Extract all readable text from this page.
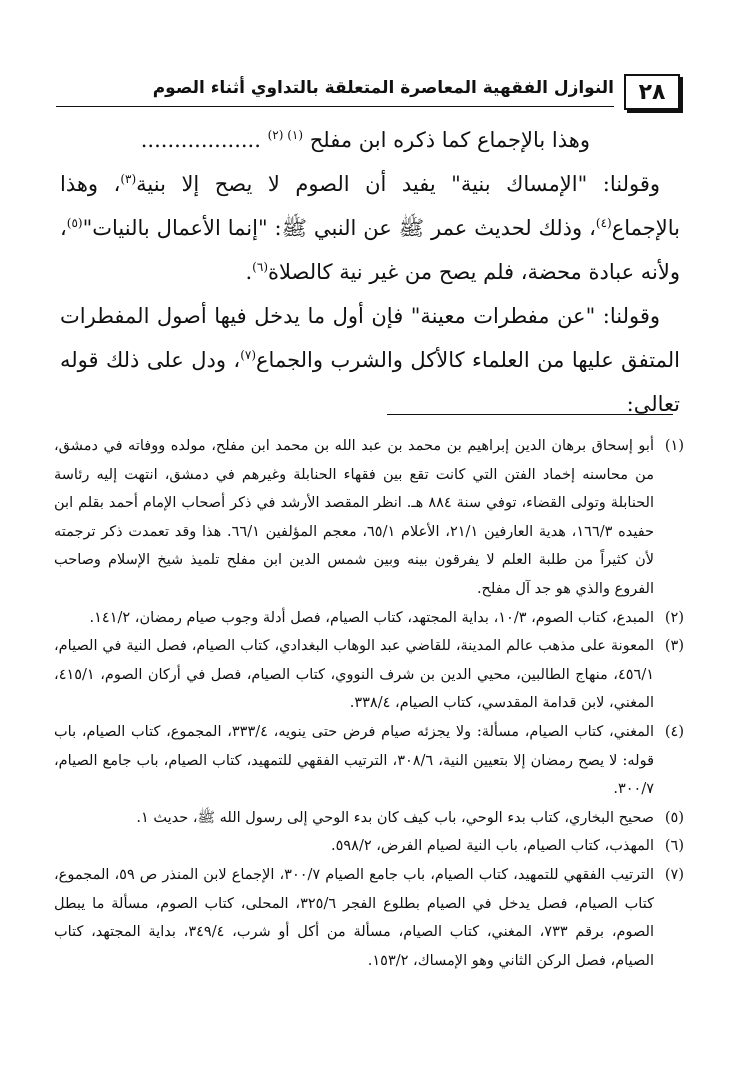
٢٨
النوازل الفقهية المعاصرة المتعلقة بالتداوي أثناء الصوم

وهذا بالإجماع كما ذكره ابن مفلح $^{(١) (٢)}$ ..................

وقولنا: "الإمساك بنية" يفيد أن الصوم لا يصح إلا بنية$^{(٣)}$، وهذا بالإجماع$^{(٤)}$، وذلك لحديث عمر ﷺ عن النبي ﷺ: "إنما الأعمال بالنيات"$^{(٥)}$، ولأنه عبادة محضة، فلم يصح من غير نية كالصلاة$^{(٦)}$.

وقولنا: "عن مفطرات معينة" فإن أول ما يدخل فيها أصول المفطرات المتفق عليها من العلماء كالأكل والشرب والجماع$^{(٧)}$، ودل على ذلك قوله تعالى:

(١)
أبو إسحاق برهان الدين إبراهيم بن محمد بن عبد الله بن محمد ابن مفلح، مولده ووفاته في دمشق، من محاسنه إخماد الفتن التي كانت تقع بين فقهاء الحنابلة وغيرهم في دمشق، انتهت إليه رئاسة الحنابلة وتولى القضاء، توفي سنة ٨٨٤ هـ. انظر المقصد الأرشد في ذكر أصحاب الإمام أحمد بقلم ابن حفيده ١٦٦/٣، هدية العارفين ٢١/١، الأعلام ٦٥/١، معجم المؤلفين ٦٦/١. هذا وقد تعمدت ذكر ترجمته لأن كثيراً من طلبة العلم لا يفرقون بينه وبين شمس الدين ابن مفلح تلميذ شيخ الإسلام وصاحب الفروع والذي هو جد آل مفلح.
(٢)
المبدع، كتاب الصوم، ١٠/٣، بداية المجتهد، كتاب الصيام، فصل أدلة وجوب صيام رمضان، ١٤١/٢.
(٣)
المعونة على مذهب عالم المدينة، للقاضي عبد الوهاب البغدادي، كتاب الصيام، فصل النية في الصيام، ٤٥٦/١، منهاج الطالبين، محيي الدين بن شرف النووي، كتاب الصيام، فصل في أركان الصوم، ٤١٥/١، المغني، لابن قدامة المقدسي، كتاب الصيام، ٣٣٨/٤.
(٤)
المغني، كتاب الصيام، مسألة: ولا يجزئه صيام فرض حتى ينويه، ٣٣٣/٤، المجموع، كتاب الصيام، باب قوله: لا يصح رمضان إلا بتعيين النية، ٣٠٨/٦، الترتيب الفقهي للتمهيد، كتاب الصيام، باب جامع الصيام، ٣٠٠/٧.
(٥)
صحيح البخاري، كتاب بدء الوحي، باب كيف كان بدء الوحي إلى رسول الله ﷺ، حديث ١.
(٦)
المهذب، كتاب الصيام، باب النية لصيام الفرض، ٥٩٨/٢.
(٧)
الترتيب الفقهي للتمهيد، كتاب الصيام، باب جامع الصيام ٣٠٠/٧، الإجماع لابن المنذر ص ٥٩، المجموع، كتاب الصيام، فصل يدخل في الصيام بطلوع الفجر ٣٢٥/٦، المحلى، كتاب الصوم، مسألة ما يبطل الصوم، برقم ٧٣٣، المغني، كتاب الصيام، مسألة من أكل أو شرب، ٣٤٩/٤، بداية المجتهد، كتاب الصيام، فصل الركن الثاني وهو الإمساك، ١٥٣/٢.
